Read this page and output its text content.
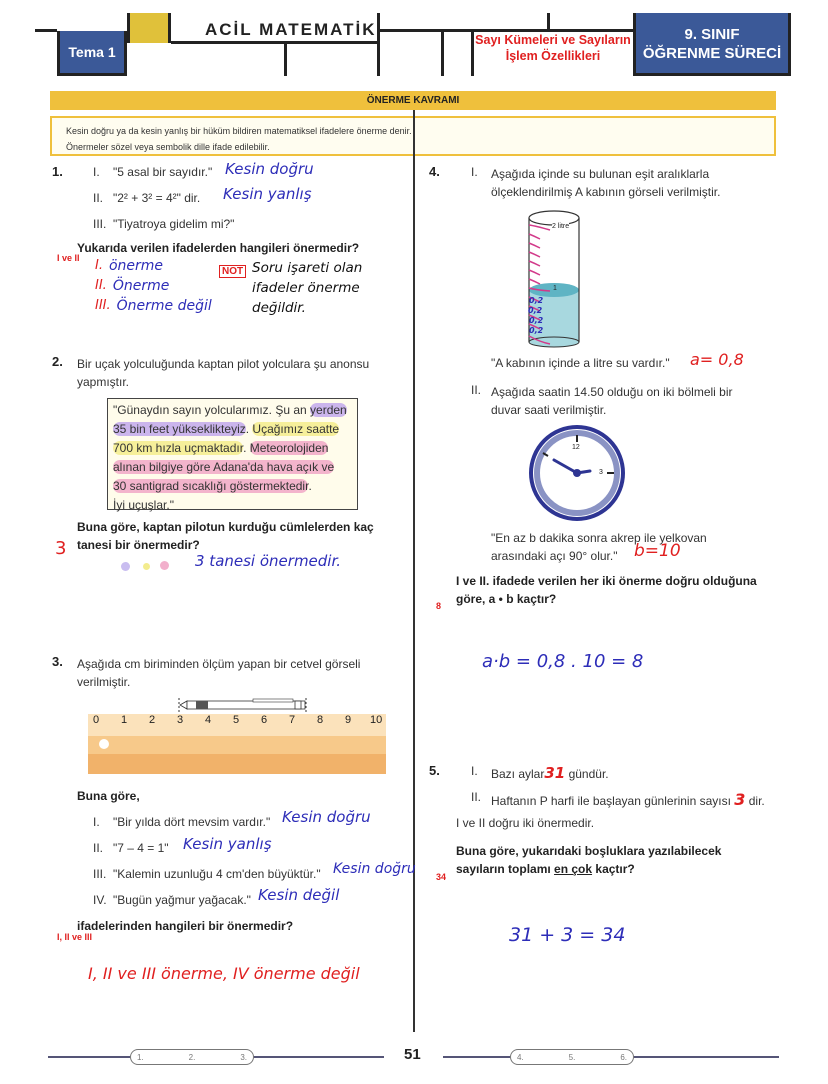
Tema 1
ACİL MATEMATİK
Sayı Kümeleri ve Sayıların
İşlem Özellikleri
9. SINIF
ÖĞRENME SÜRECİ
ÖNERME KAVRAMI
Kesin doğru ya da kesin yanlış bir hüküm bildiren matematiksel ifadelere önerme denir.
Önermeler sözel veya sembolik dille ifade edilebilir.
1.	I. "5 asal bir sayıdır." Kesin doğru
II. "2² + 3² = 4²" dir. Kesin yanlış
III. "Tiyatroya gidelim mi?"
Yukarıda verilen ifadelerden hangileri önermedir?
I ve II I. önerme
II. Önerme
III. Önerme değil
NOT Soru işareti olan
ifadeler önerme
değildir.
2. Bir uçak yolculuğunda kaptan pilot yolculara şu anonsu
yapmıştır.
"Günaydın sayın yolcularımız. Şu an yerden
35 bin feet yükseklikteyiz. Uçağımız saatte
700 km hızla uçmaktadır. Meteorolojiden
alınan bilgiye göre Adana'da hava açık ve
30 santigrad sıcaklığı göstermektedir.
İyi uçuşlar."
Buna göre, kaptan pilotun kurduğu cümlelerden kaç
tanesi bir önermedir?
3
3 tanesi önermedir.
3. Aşağıda cm biriminden ölçüm yapan bir cetvel görseli
verilmiştir.
0 1 2 3 4 5 6 7 8 9 10
Buna göre,
I. "Bir yılda dört mevsim vardır." Kesin doğru
II. "7 – 4 = 1" Kesin yanlış
III. "Kalemin uzunluğu 4 cm'den büyüktür." Kesin doğru
IV. "Bugün yağmur yağacak." Kesin değil
ifadelerinden hangileri bir önermedir?
I, II ve III
I, II ve III önerme, IV önerme değil
4.	I. Aşağıda içinde su bulunan eşit aralıklarla
ölçeklendirilmiş A kabının görseli verilmiştir.
2 litre
1
0,2
0,2
0,2
0,2
"A kabının içinde a litre su vardır." a= 0,8
II. Aşağıda saatin 14.50 olduğu on iki bölmeli bir
duvar saati verilmiştir.
12
3
"En az b dakika sonra akrep ile yelkovan
arasındaki açı 90° olur." b=10
I ve II. ifadede verilen her iki önerme doğru olduğuna
göre, a • b kaçtır?
8
a·b = 0,8 . 10 = 8
5.	I. Bazı aylar31 gündür.
II. Haftanın P harfi ile başlayan günlerinin sayısı 3 dir.
I ve II doğru iki önermedir.
Buna göre, yukarıdaki boşluklara yazılabilecek
sayıların toplamı en çok kaçtır?
34
31 + 3 = 34
1.	2.	3.	51	4.	5.	6.
